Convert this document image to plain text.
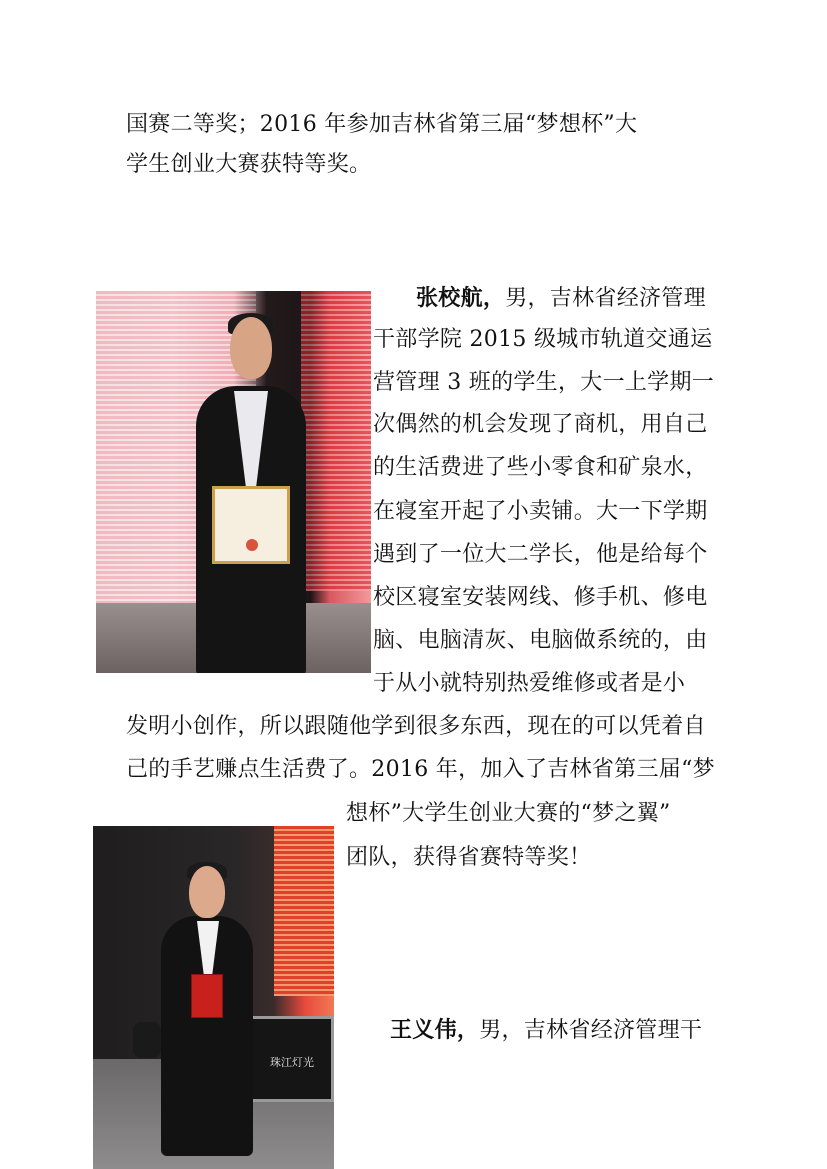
国赛二等奖；2016 年参加吉林省第三届“梦想杯”大
学生创业大赛获特等奖。
张校航，男，吉林省经济管理
干部学院 2015 级城市轨道交通运
营管理 3 班的学生，大一上学期一
次偶然的机会发现了商机，用自己
的生活费进了些小零食和矿泉水，
在寝室开起了小卖铺。大一下学期
遇到了一位大二学长，他是给每个
校区寝室安装网线、修手机、修电
脑、电脑清灰、电脑做系统的，由
于从小就特别热爱维修或者是小
发明小创作，所以跟随他学到很多东西，现在的可以凭着自
己的手艺赚点生活费了。2016 年，加入了吉林省第三届“梦
想杯”大学生创业大赛的“梦之翼”
团队，获得省赛特等奖！
珠江灯光
王义伟，男，吉林省经济管理干
